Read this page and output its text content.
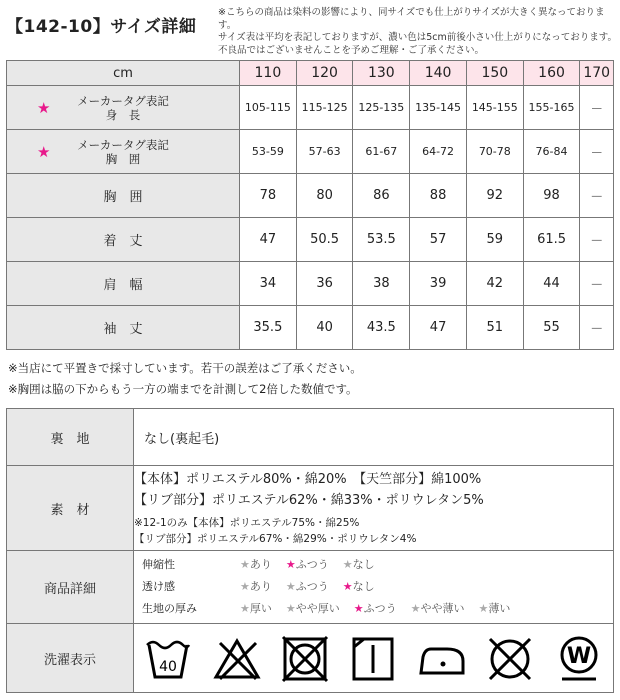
【142-10】サイズ詳細
※こちらの商品は染料の影響により、同サイズでも仕上がりサイズが大きく異なっております。
サイズ表は平均を表記しておりますが、濃い色は5cm前後小さい仕上がりになっております。
不良品ではございませんことを予めご理解・ご了承ください。
cm	110	120	130	140	150	160	170

★ メーカータグ表記
身　長	105-115	115-125	125-135	135-145	145-155	155-165	－

★ メーカータグ表記
胸　囲	53-59	57-63	61-67	64-72	70-78	76-84	－
胸　囲	78	80	86	88	92	98	－
着　丈	47	50.5	53.5	57	59	61.5	－
肩　幅	34	36	38	39	42	44	－
袖　丈	35.5	40	43.5	47	51	55	－
※当店にて平置きで採寸しています。若干の誤差はご了承ください。
※胸囲は脇の下からもう一方の端までを計測して2倍した数値です。
裏　地	なし(裏起毛)
素　材	【本体】ポリエステル80%・綿20%　【天竺部分】綿100%
【リブ部分】ポリエステル62%・綿33%・ポリウレタン5%
※12-1のみ【本体】ポリエステル75%・綿25%
【リブ部分】ポリエステル67%・綿29%・ポリウレタン4%

商品詳細	伸縮性 ★あり ★ふつう ★なし
透け感 ★あり ★ふつう ★なし
生地の厚み ★厚い ★やや厚い ★ふつう ★やや薄い ★薄い

洗濯表示	40 W
